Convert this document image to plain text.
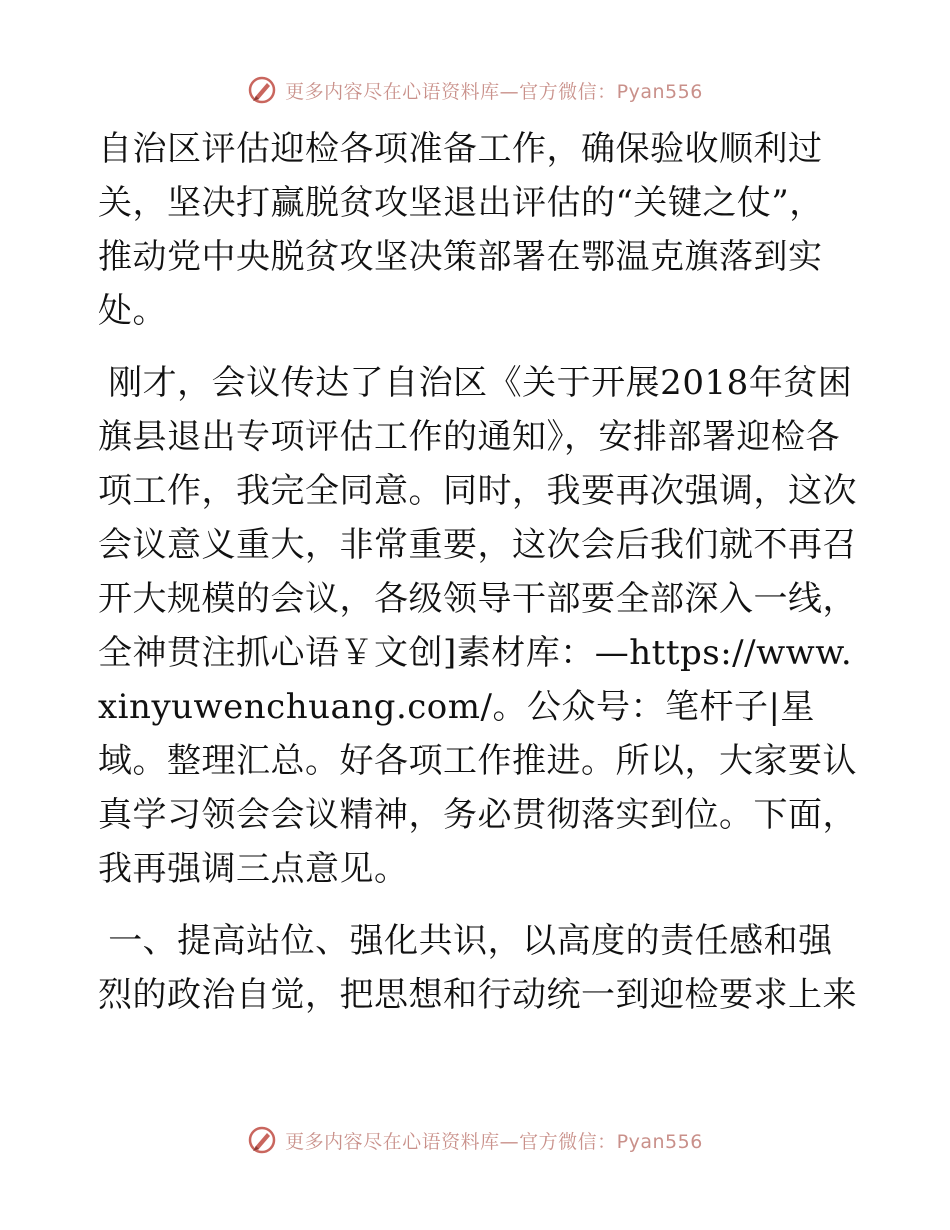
更多内容尽在心语资料库—官方微信：Pyan556

自治区评估迎检各项准备工作，确保验收顺利过关，坚决打赢脱贫攻坚退出评估的“关键之仗”，推动党中央脱贫攻坚决策部署在鄂温克旗落到实处。

刚才，会议传达了自治区《关于开展2018年贫困旗县退出专项评估工作的通知》，安排部署迎检各项工作，我完全同意。同时，我要再次强调，这次会议意义重大，非常重要，这次会后我们就不再召开大规模的会议，各级领导干部要全部深入一线，全神贯注抓心语￥文创]素材库：—https://www.xinyuwenchuang.com/。公众号：笔杆子|星域。整理汇总。好各项工作推进。所以，大家要认真学习领会会议精神，务必贯彻落实到位。下面，我再强调三点意见。

一、提高站位、强化共识，以高度的责任感和强烈的政治自觉，把思想和行动统一到迎检要求上来

更多内容尽在心语资料库—官方微信：Pyan556
